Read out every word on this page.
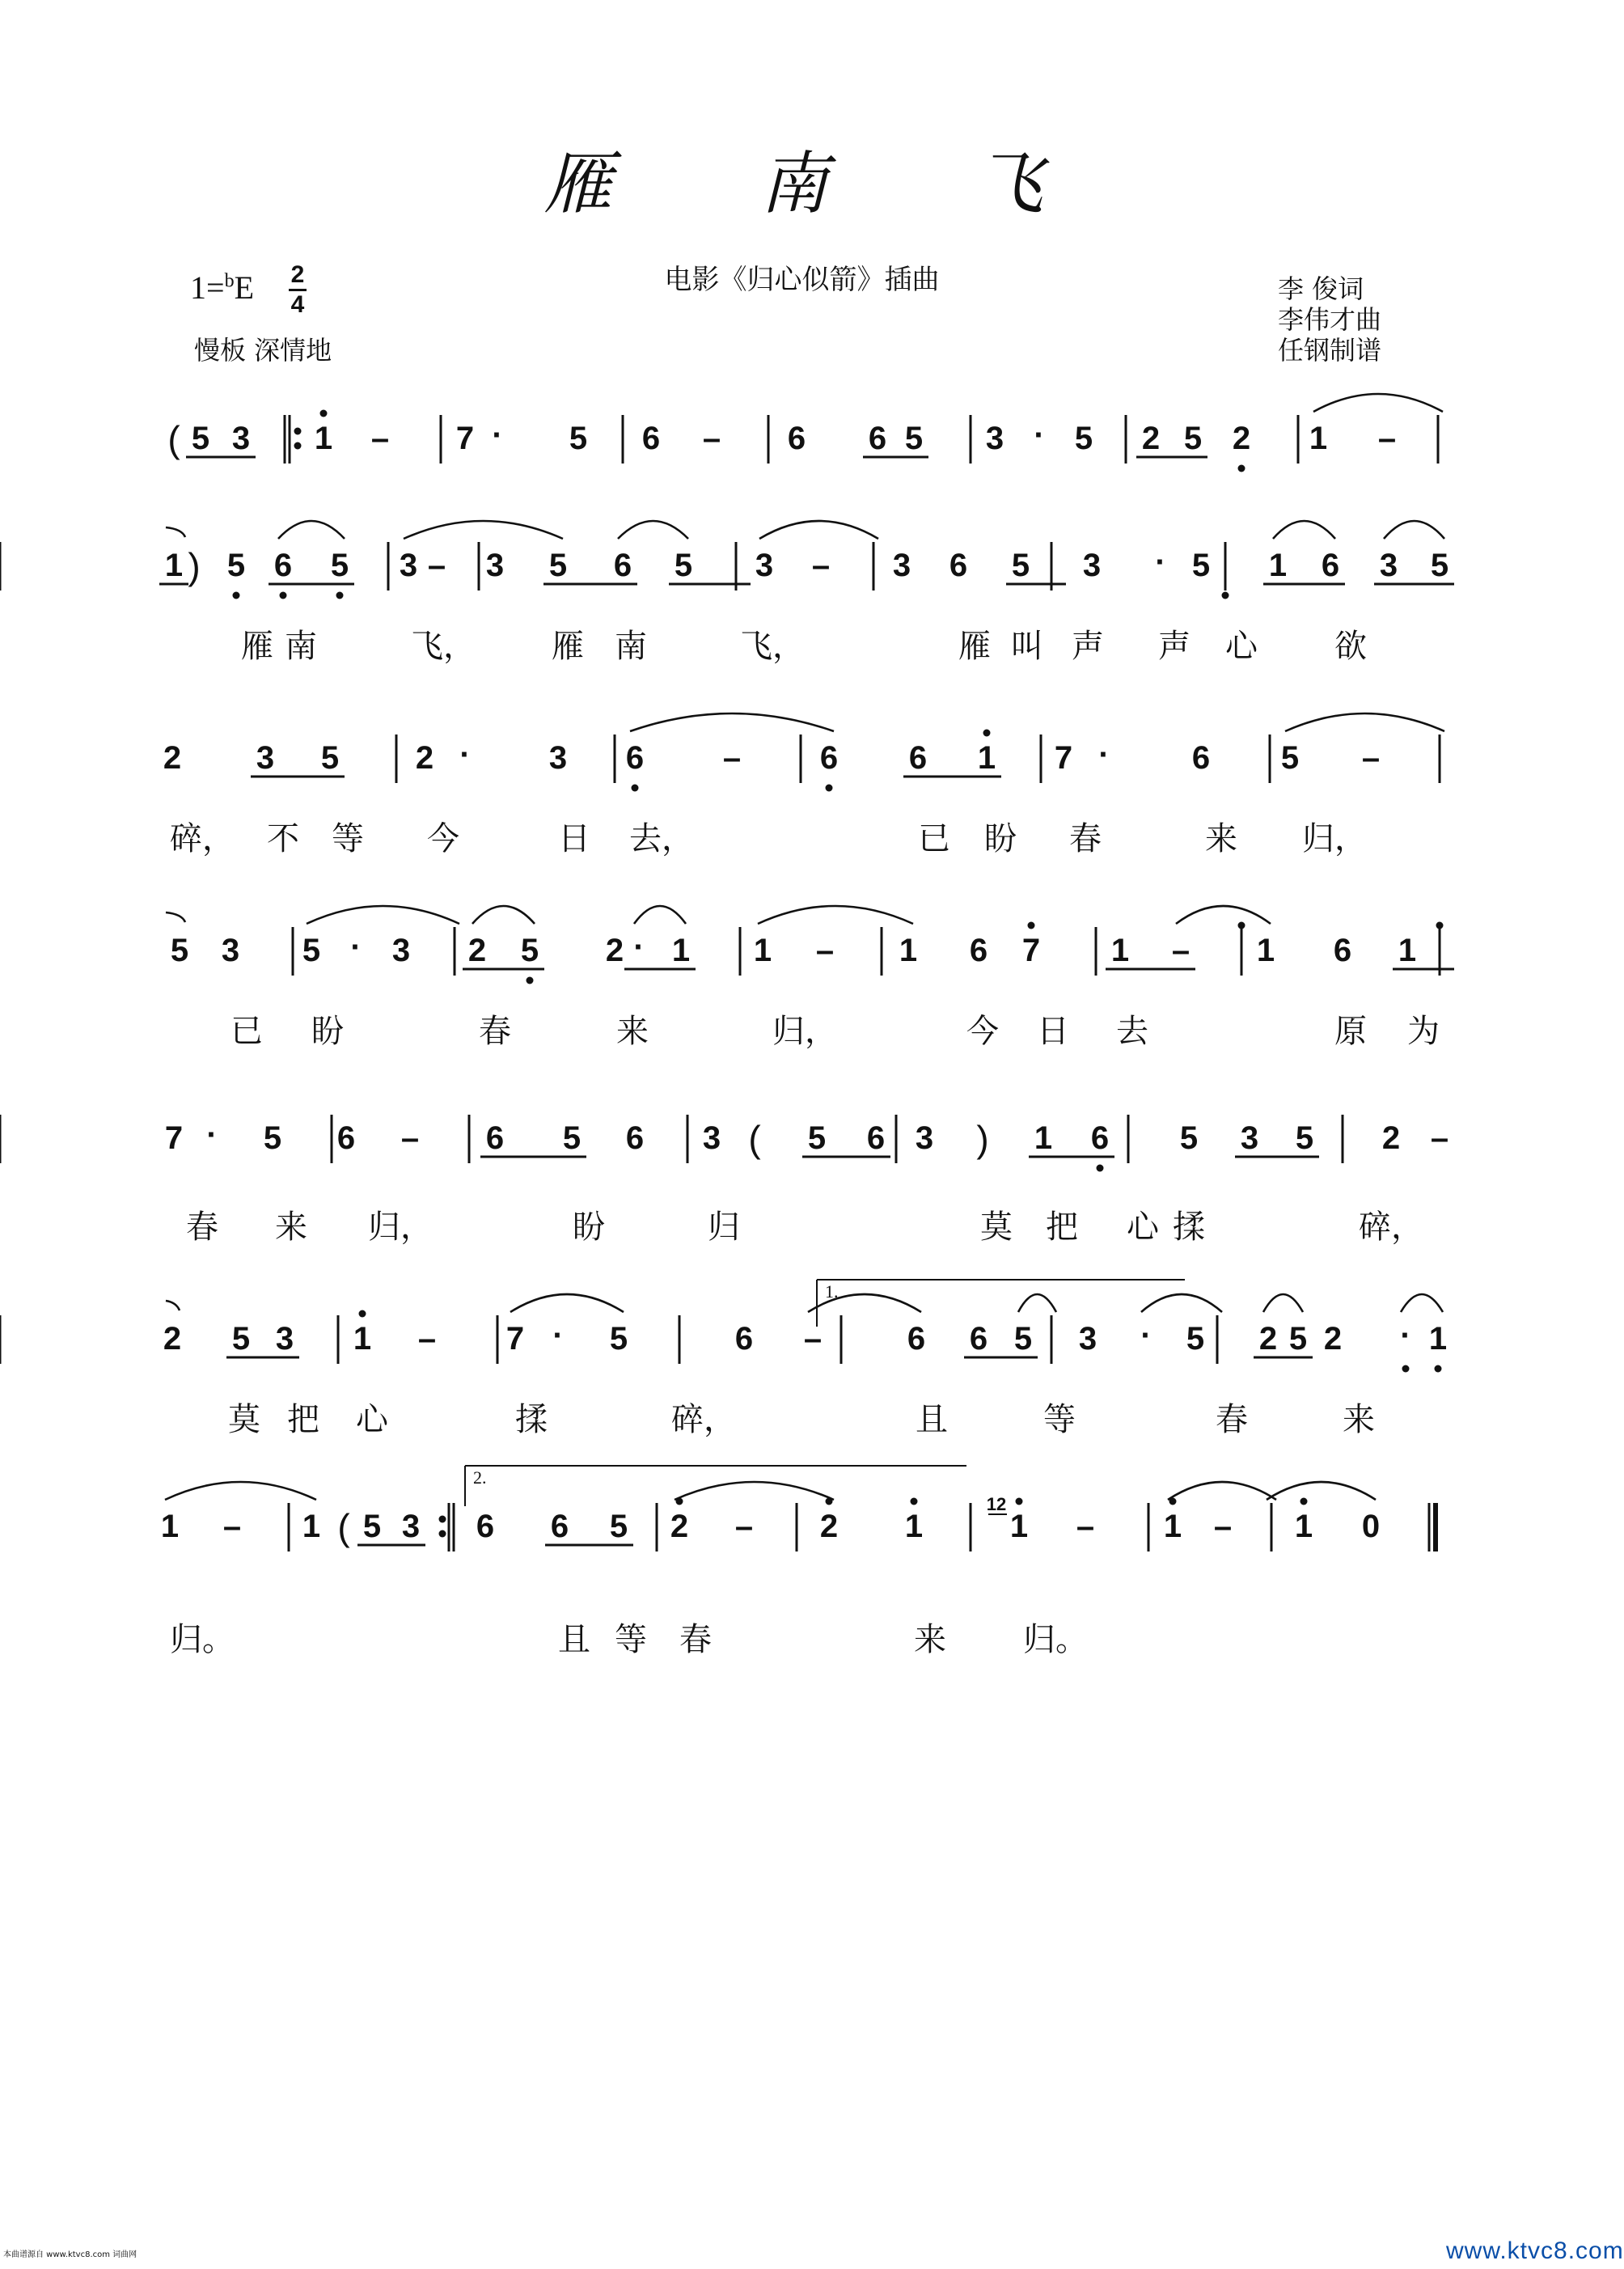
雁 南 飞
电影《归心似箭》插曲
1=$^b$E 2
4
慢板 深情地
李 俊词
李伟才曲
任钢制谱
( 5 3 1 – 7 · 5 6 – 6 6 5 3 · 5 2 5 2 1 –
1 ) 5 6 5 3 – 3 5 6 5 3 – 3 6 5 3 · 5 1 6 3 5
2 3 5 2 · 3 6 – 6 6 1 7 ·	6 5 –
5 3 5 · 3 2 5 2 · 1 1 – 1 6 7 1 – 1 6 1
7 · 5 6 – 6 5 6 3 ( 5 6 3 ) 1 6 5 3 5 2 –
2 5 3 1 – 7 · 5	6 –	6 6 5 3 · 5 2 5 2 · 1
1 – 1 ( 5 3 6 6 5 2 – 2 1	1 – 1 – 1 0
1.
2.
12
雁 南	飞， 雁 南	飞，	雁 叫 声 声 心 欲
碎， 不 等 今	日 去，	已 盼 春	来 归，
已 盼	春	来	归，	今 日 去	原 为
春 来 归，	盼	归	莫 把 心 揉	碎，
莫 把 心	揉	碎，	且	等	春	来
归。	且 等 春	来 归。
本曲谱源自 www.ktvc8.com 词曲网	www.ktvc8.com
